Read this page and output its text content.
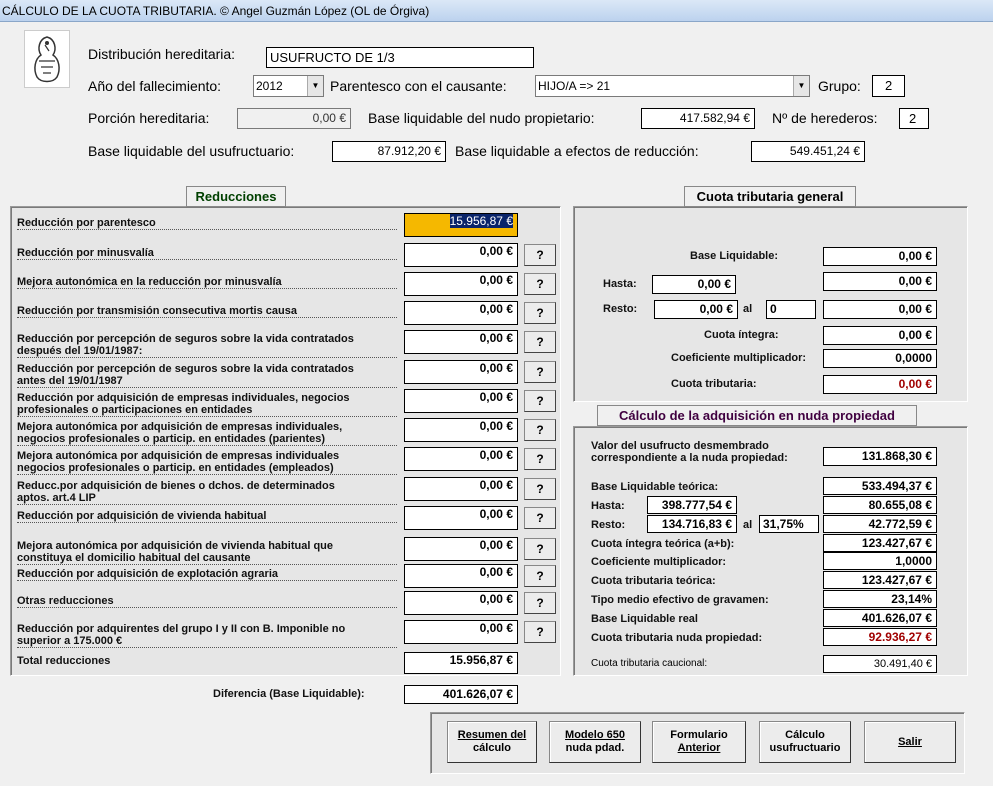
CÁLCULO DE LA CUOTA TRIBUTARIA. © Angel Guzmán López (OL de Órgiva)
Distribución hereditaria:	USUFRUCTO DE 1/3
Año del fallecimiento:	2012	▼ Parentesco con el causante:	HIJO/A => 21	▼ Grupo:	2
Porción hereditaria:	0,00 €	Base liquidable del nudo propietario:	417.582,94 €	Nº de herederos:	2
Base liquidable del usufructuario:	87.912,20 €	Base liquidable a efectos de reducción:	549.451,24 €
Reducciones
Reducción por parentesco	15.956,87 €
Reducción por minusvalía	0,00 €	?
Mejora autonómica en la reducción por minusvalía	0,00 €	?
Reducción por transmisión consecutiva mortis causa	0,00 €	?
Reducción por percepción de seguros sobre la vida contratados
después del 19/01/1987:
0,00 €	?
Reducción por percepción de seguros sobre la vida contratados
antes del 19/01/1987
0,00 €	?
Reducción por adquisición de empresas individuales, negocios
profesionales o participaciones en entidades
0,00 €	?
Mejora autonómica por adquisición de empresas individuales,
negocios profesionales o particip. en entidades (parientes)
0,00 €	?
Mejora autonómica por adquisición de empresas individuales
negocios profesionales o particip. en entidades (empleados)
0,00 €	?
Reducc.por adquisición de bienes o dchos. de determinados
aptos. art.4 LIP
0,00 €	?
Reducción por adquisición de vivienda habitual	0,00 €	?
Mejora autonómica por adquisición de vivienda habitual que
constituya el domicilio habitual del causante
0,00 €	?
Reducción por adquisición de explotación agraria	0,00 €	?
Otras reducciones	0,00 €	?
Reducción por adquirentes del grupo I y II con B. Imponible no
superior a 175.000 €
0,00 €	?
Total reducciones	15.956,87 €
Diferencia (Base Liquidable):	401.626,07 €
Cuota tributaria general
Base Liquidable:	0,00 €
Hasta:	0,00 €	0,00 €
Resto:	0,00 € al	0	0,00 €
Cuota íntegra:	0,00 €
Coeficiente multiplicador:	0,0000
Cuota tributaria:	0,00 €
Cálculo de la adquisición en nuda propiedad
Valor del usufructo desmembrado
correspondiente a la nuda propiedad:	131.868,30 €
Base Liquidable teórica:	533.494,37 €
Hasta:	398.777,54 €	80.655,08 €
Resto:	134.716,83 €	al 31,75%	42.772,59 €
Cuota íntegra teórica (a+b):	123.427,67 €
Coeficiente multiplicador:	1,0000
Cuota tributaria teórica:	123.427,67 €
Tipo medio efectivo de gravamen:	23,14%
Base Liquidable real	401.626,07 €
Cuota tributaria nuda propiedad:	92.936,27 €
Cuota tributaria caucional:	30.491,40 €
Resumen del
cálculo
Modelo 650
nuda pdad.
Formulario
Anterior
Cálculo
usufructuario
Salir
